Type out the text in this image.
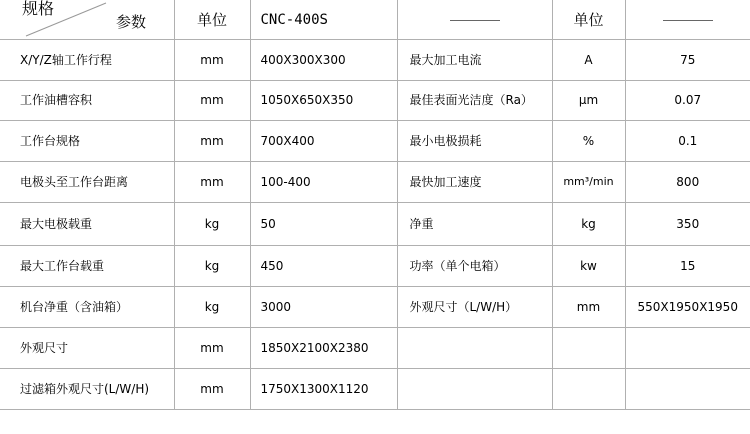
规格
参数	单位	CNC-400S		单位	

X/Y/Z轴工作行程	mm	400X300X300	最大加工电流	A	75
工作油槽容积	mm	1050X650X350	最佳表面光洁度（Ra）	μm	0.07
工作台规格	mm	700X400	最小电极损耗	%	0.1
电极头至工作台距离	mm	100-400	最快加工速度	mm³/min	800
最大电极载重	kg	50	净重	kg	350
最大工作台载重	kg	450	功率（单个电箱）	kw	15
机台净重（含油箱）	kg	3000	外观尺寸（L/W/H）	mm	550X1950X1950
外观尺寸	mm	1850X2100X2380			
过滤箱外观尺寸(L/W/H)	mm	1750X1300X1120			
